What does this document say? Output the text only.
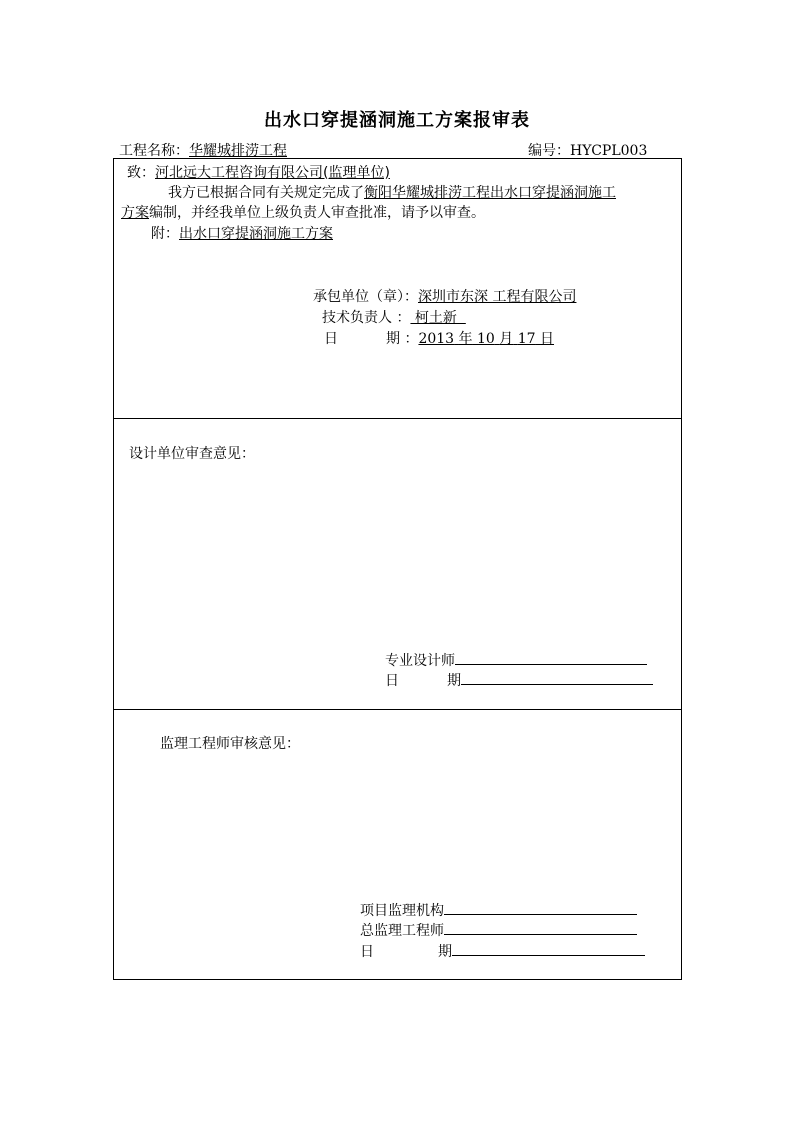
出水口穿提涵洞施工方案报审表
工程名称：华耀城排涝工程	编号：HYCPL003
致：河北远大工程咨询有限公司(监理单位)
我方已根据合同有关规定完成了衡阳华耀城排涝工程出水口穿提涵洞施工
方案编制，并经我单位上级负责人审查批准，请予以审查。
附：出水口穿提涵洞施工方案
承包单位（章）：深圳市东深 工程有限公司
技术负责人 ： 柯土新
日	期 ：2013 年 10 月 17 日
设计单位审查意见：
专业设计师
日	期
监理工程师审核意见：
项目监理机构
总监理工程师
日	期
